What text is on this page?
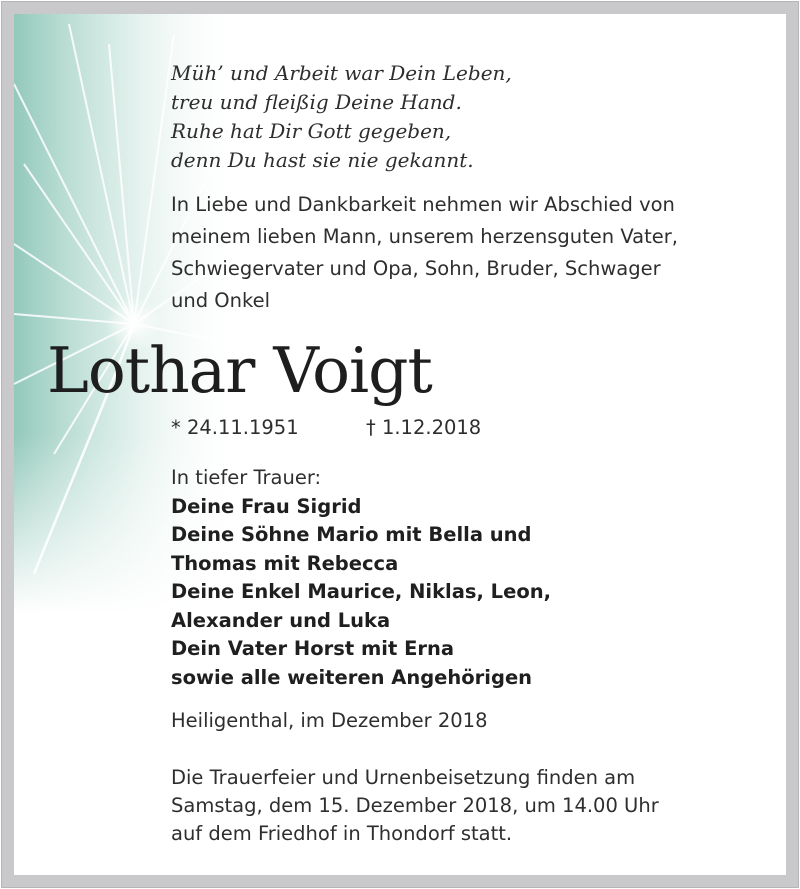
Müh’ und Arbeit war Dein Leben,
treu und fleißig Deine Hand.
Ruhe hat Dir Gott gegeben,
denn Du hast sie nie gekannt.
In Liebe und Dankbarkeit nehmen wir Abschied von
meinem lieben Mann, unserem herzensguten Vater,
Schwiegervater und Opa, Sohn, Bruder, Schwager
und Onkel
Lothar Voigt
* 24.11.1951	† 1.12.2018
In tiefer Trauer:
Deine Frau Sigrid
Deine Söhne Mario mit Bella und
Thomas mit Rebecca
Deine Enkel Maurice, Niklas, Leon,
Alexander und Luka
Dein Vater Horst mit Erna
sowie alle weiteren Angehörigen
Heiligenthal, im Dezember 2018
Die Trauerfeier und Urnenbeisetzung finden am
Samstag, dem 15. Dezember 2018, um 14.00 Uhr
auf dem Friedhof in Thondorf statt.
